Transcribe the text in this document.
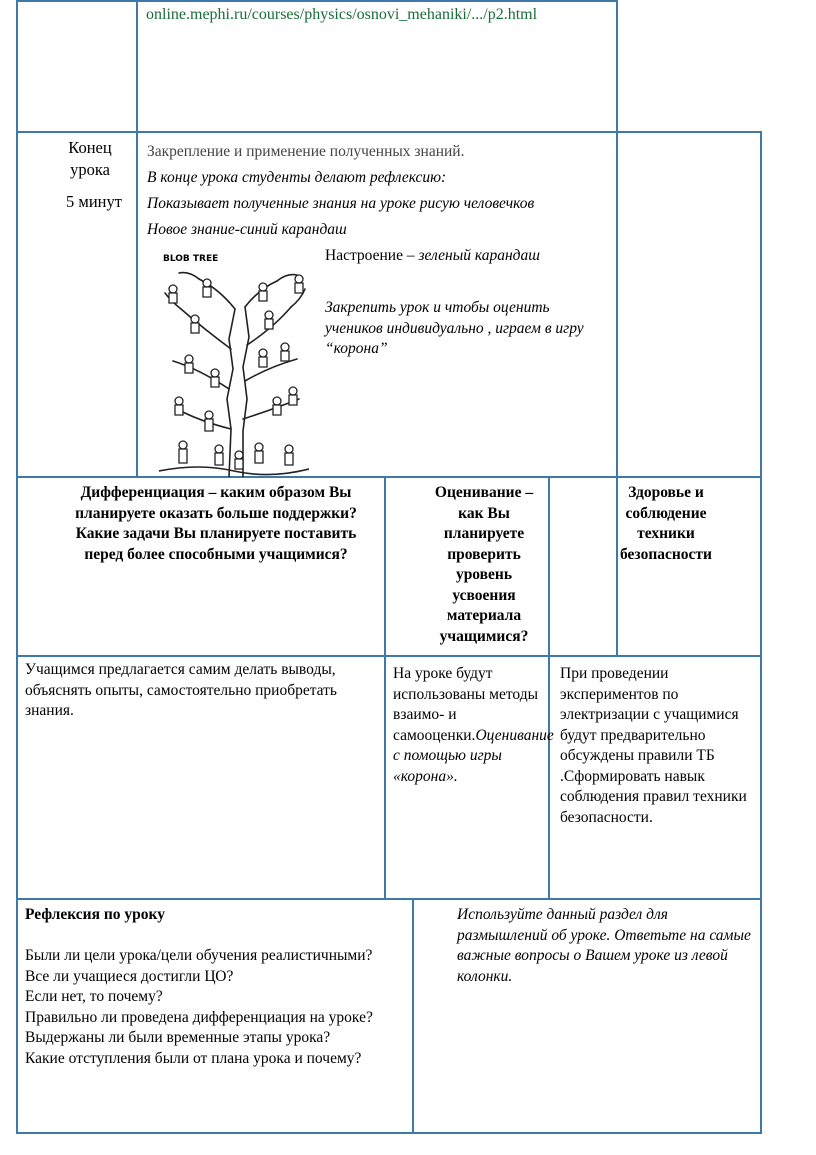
online.mephi.ru/courses/physics/osnovi_mehaniki/.../p2.html
Конец урока
5 минут
Закрепление и применение полученных знаний.
В конце урока студенты делают рефлексию:
Показывает полученные знания на уроке рисую человечков
Новое знание-синий карандаш
Настроение – зеленый карандаш
Закрепить урок и чтобы оценить учеников индивидуально , играем в игру “корона”
BLOB TREE
Дифференциация – каким образом Вы планируете оказать больше поддержки? Какие задачи Вы планируете поставить перед более способными учащимися?
Оценивание – как Вы планируете проверить уровень усвоения материала учащимися?
Здоровье и соблюдение техники безопасности
Учащимся предлагается самим делать выводы, объяснять опыты, самостоятельно приобретать знания.
На уроке будут использованы методы взаимо- и самооценки.Оценивание с помощью игры «корона».
При проведении экспериментов по электризации с учащимися будут предварительно обсуждены правили ТБ .Сформировать навык соблюдения правил техники безопасности.
Рефлексия по уроку
Были ли цели урока/цели обучения реалистичными?
Все ли учащиеся достигли ЦО?
Если нет, то почему?
Правильно ли проведена дифференциация на уроке?
Выдержаны ли были временные этапы урока?
Какие отступления были от плана урока и почему?
Используйте данный раздел для размышлений об уроке. Ответьте на самые важные вопросы о Вашем уроке из левой колонки.
